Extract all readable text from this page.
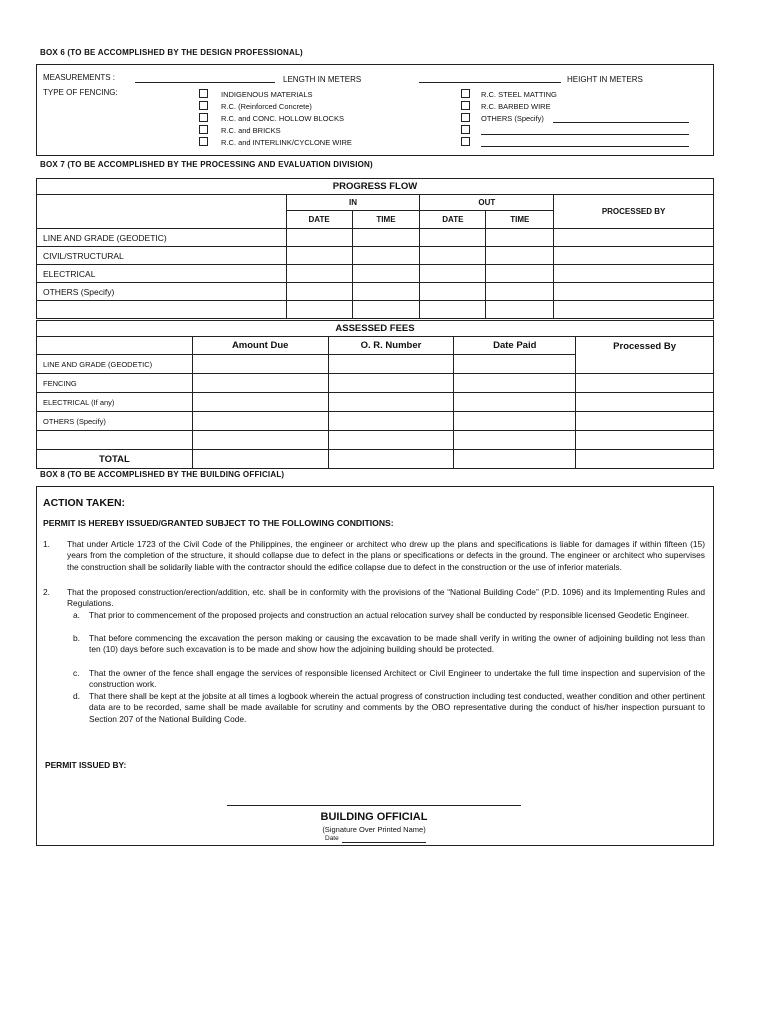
BOX 6 (TO BE ACCOMPLISHED BY THE DESIGN PROFESSIONAL)
MEASUREMENTS :	LENGTH IN METERS	HEIGHT IN METERS
TYPE OF FENCING:	INDIGENOUS MATERIALS
R.C. (Reinforced Concrete)
R.C. and CONC. HOLLOW BLOCKS
R.C. and BRICKS
R.C. and INTERLINK/CYCLONE WIRE
R.C. STEEL MATTING
R.C. BARBED WIRE
OTHERS (Specify)
BOX 7 (TO BE ACCOMPLISHED BY THE PROCESSING AND EVALUATION DIVISION)
PROGRESS FLOW					
	IN		OUT		PROCESSED BY
	DATE	TIME	DATE	TIME	
LINE AND GRADE (GEODETIC)					
CIVIL/STRUCTURAL					
ELECTRICAL					
OTHERS (Specify)					

ASSESSED FEES				
	Amount Due	O. R. Number	Date Paid	Processed By
LINE AND GRADE (GEODETIC)				
FENCING				
ELECTRICAL (If any)				
OTHERS (Specify)				

TOTAL				
BOX 8 (TO BE ACCOMPLISHED BY THE BUILDING OFFICIAL)
ACTION TAKEN:
PERMIT IS HEREBY ISSUED/GRANTED SUBJECT TO THE FOLLOWING CONDITIONS:
1. That under Article 1723 of the Civil Code of the Philippines, the engineer or architect who drew up the plans and specifications is liable for damages if within fifteen (15) years from the completion of the structure, it should collapse due to defect in the plans or specifications or defects in the ground. The engineer or architect who supervises the construction shall be solidarily liable with the contractor should the edifice collapse due to defect in the construction or the use of inferior materials.
2. That the proposed construction/erection/addition, etc. shall be in conformity with the provisions of the “National Building Code” (P.D. 1096) and its Implementing Rules and Regulations.
a. That prior to commencement of the proposed projects and construction an actual relocation survey shall be conducted by responsible licensed Geodetic Engineer.
b. That before commencing the excavation the person making or causing the excavation to be made shall verify in writing the owner of adjoining building not less than ten (10) days before such excavation is to be made and show how the adjoining building should be protected.
c. That the owner of the fence shall engage the services of responsible licensed Architect or Civil Engineer to undertake the full time inspection and supervision of the construction work.
d. That there shall be kept at the jobsite at all times a logbook wherein the actual progress of construction including test conducted, weather condition and other pertinent data are to be recorded, same shall be made available for scrutiny and comments by the OBO representative during the conduct of his/her inspection pursuant to Section 207 of the National Building Code.
PERMIT ISSUED BY:
BUILDING OFFICIAL
(Signature Over Printed Name)
Date
